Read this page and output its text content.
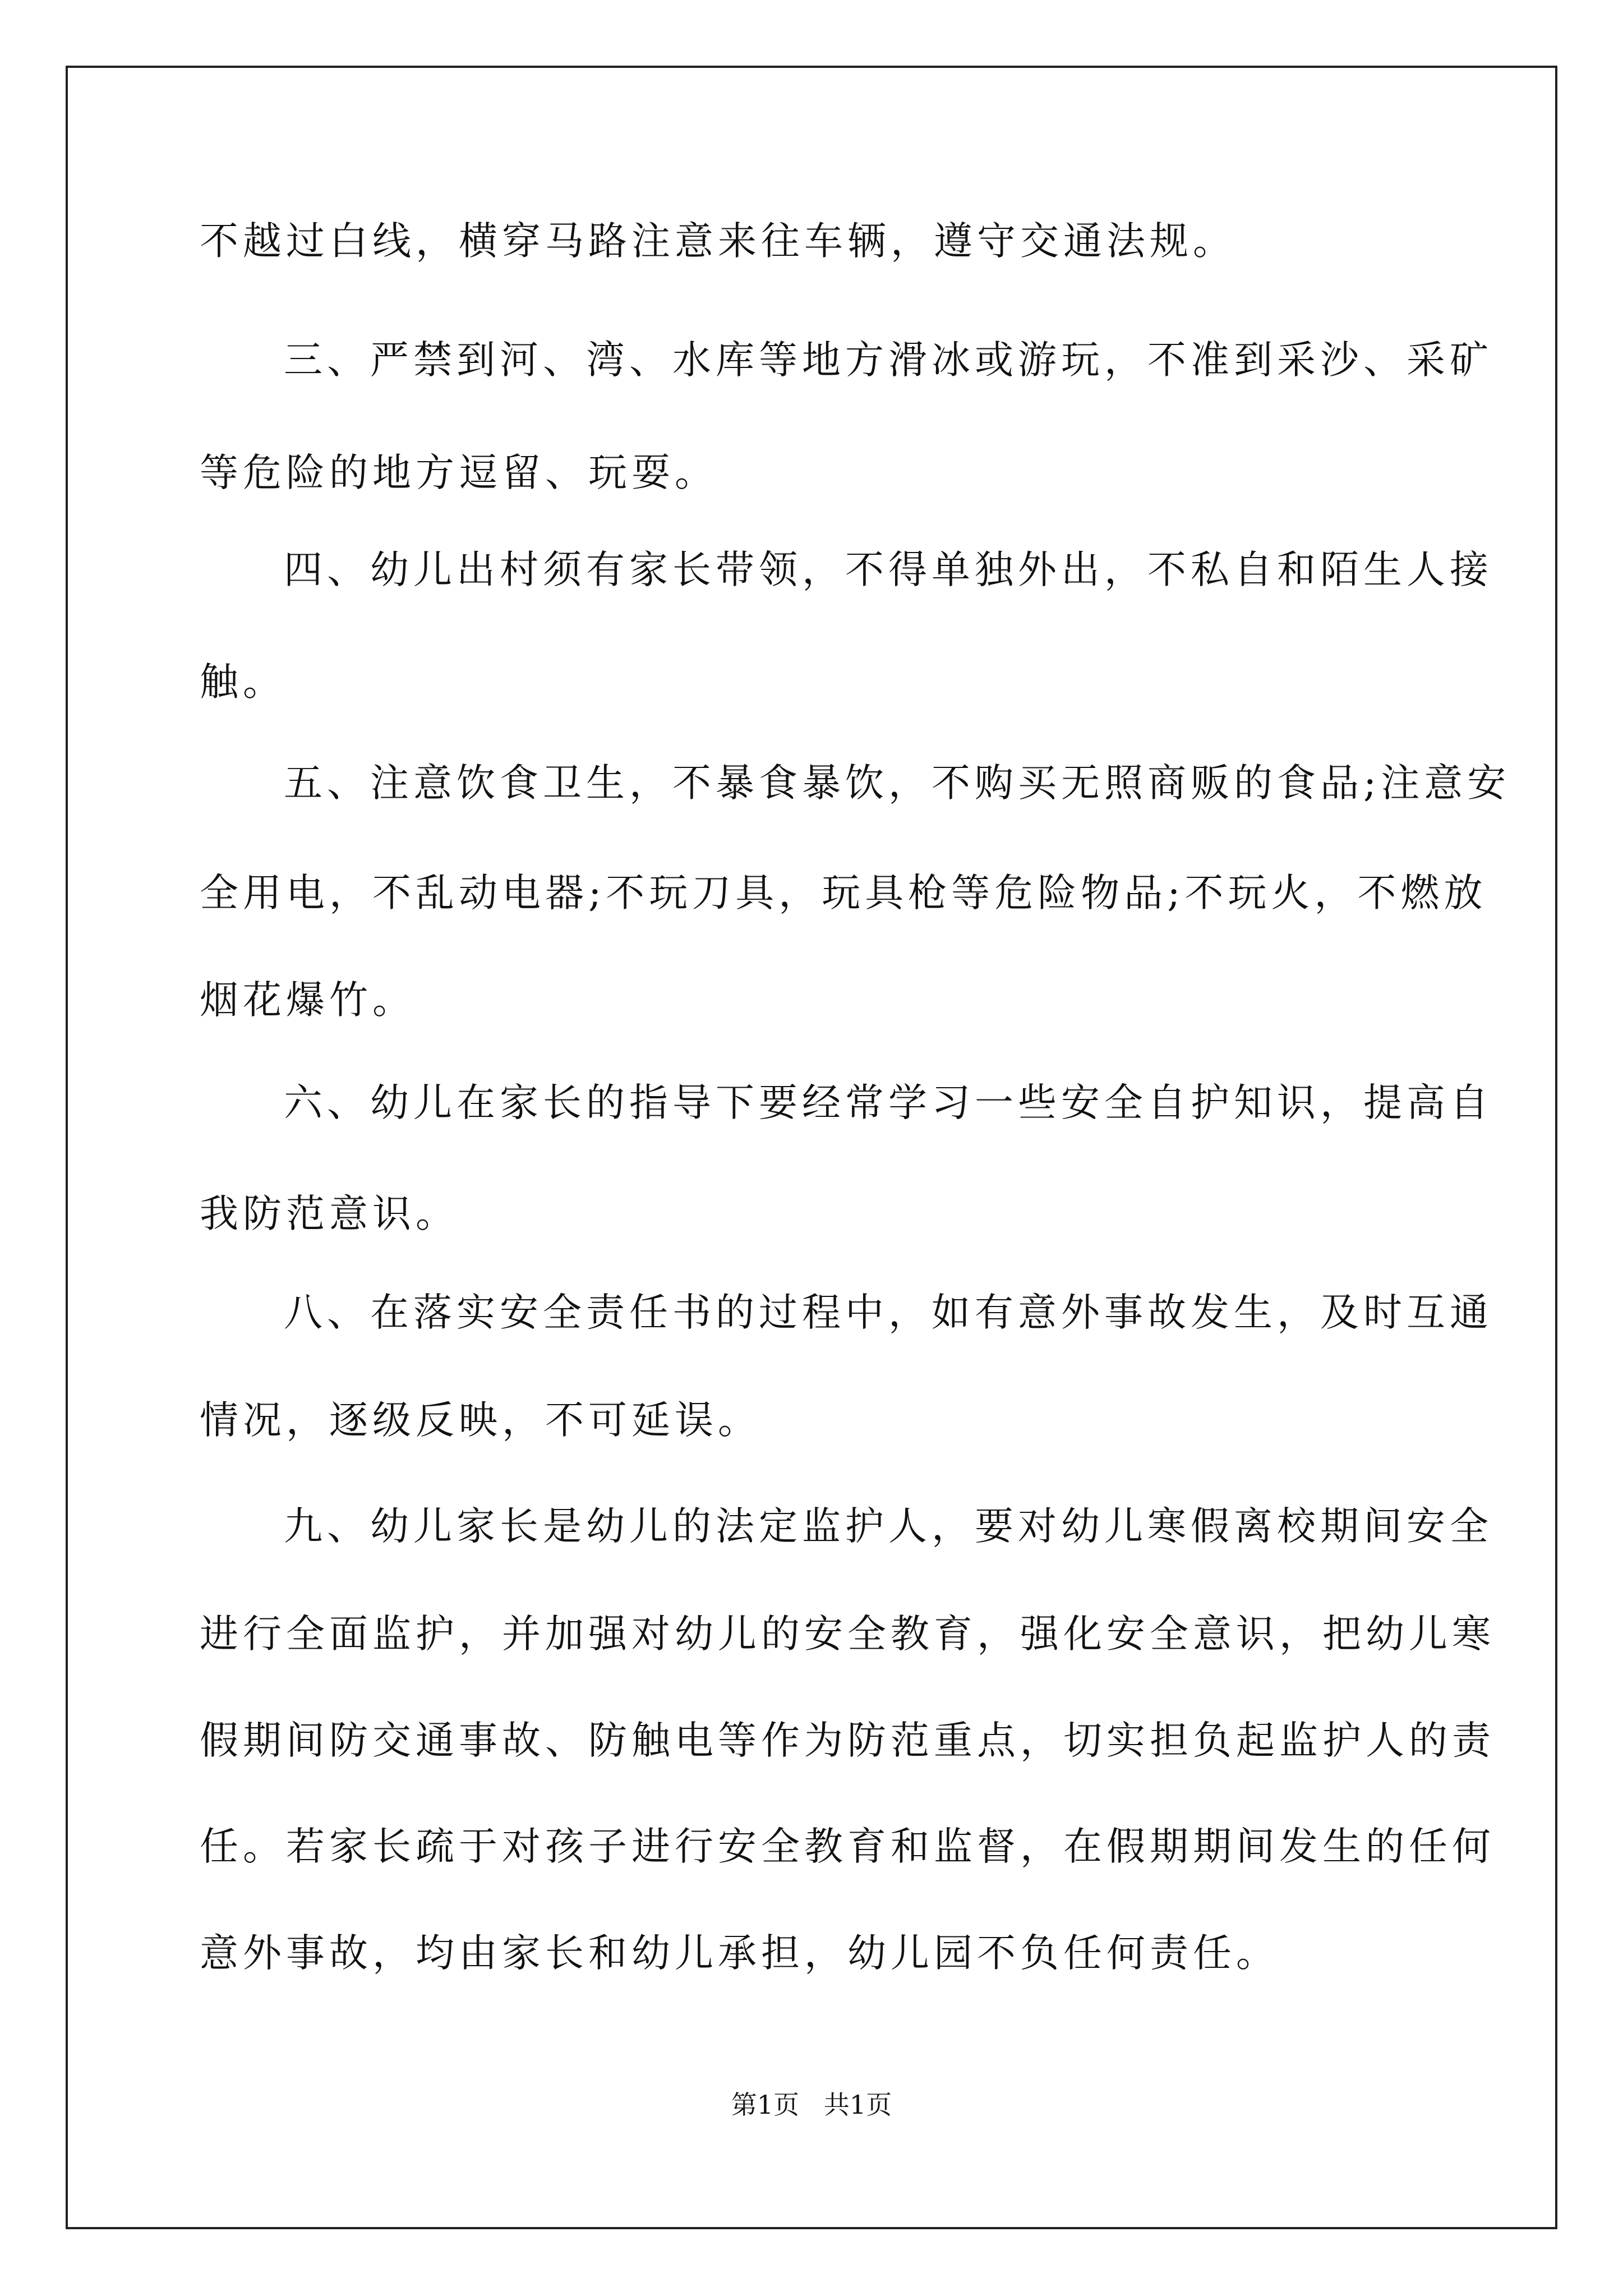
不越过白线，横穿马路注意来往车辆，遵守交通法规。
三、严禁到河、湾、水库等地方滑冰或游玩，不准到采沙、采矿
等危险的地方逗留、玩耍。
四、幼儿出村须有家长带领，不得单独外出，不私自和陌生人接
触。
五、注意饮食卫生，不暴食暴饮，不购买无照商贩的食品;注意安
全用电，不乱动电器;不玩刀具，玩具枪等危险物品;不玩火，不燃放
烟花爆竹。
六、幼儿在家长的指导下要经常学习一些安全自护知识，提高自
我防范意识。
八、在落实安全责任书的过程中，如有意外事故发生，及时互通
情况，逐级反映，不可延误。
九、幼儿家长是幼儿的法定监护人，要对幼儿寒假离校期间安全
进行全面监护，并加强对幼儿的安全教育，强化安全意识，把幼儿寒
假期间防交通事故、防触电等作为防范重点，切实担负起监护人的责
任。若家长疏于对孩子进行安全教育和监督，在假期期间发生的任何
意外事故，均由家长和幼儿承担，幼儿园不负任何责任。
第1页   共1页
